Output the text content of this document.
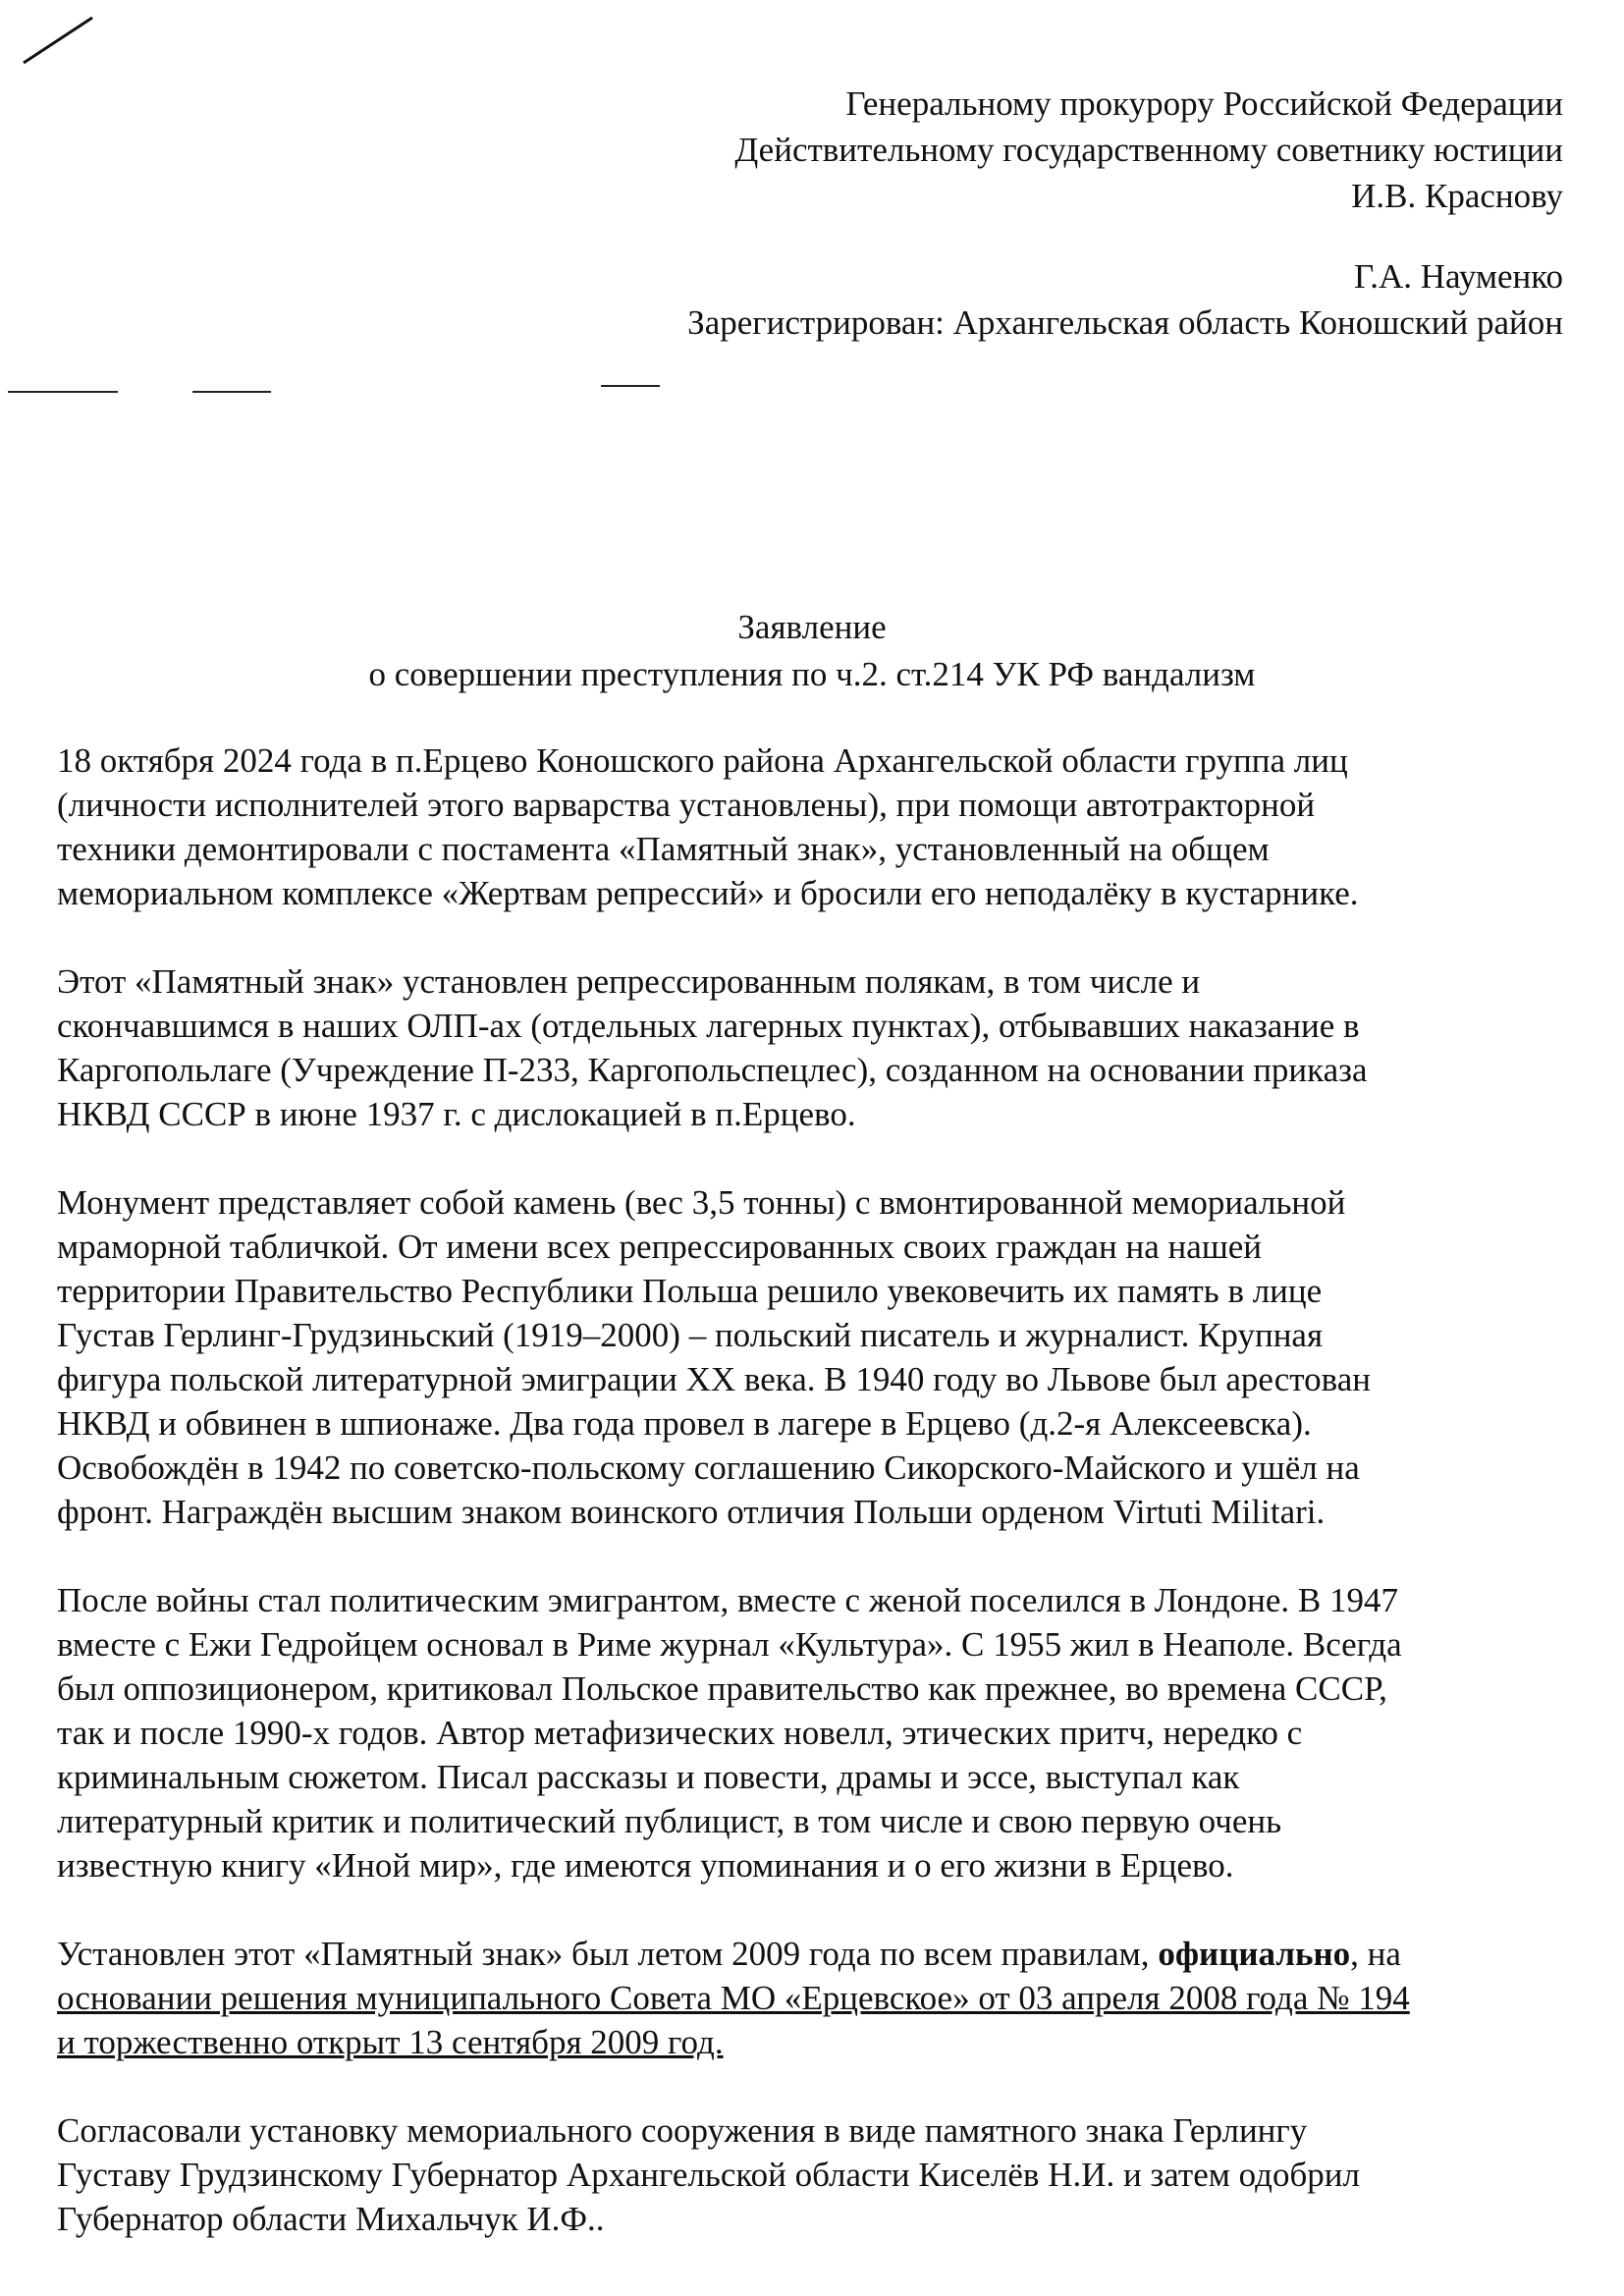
Генеральному прокурору Российской Федерации
Действительному государственному советнику юстиции
И.В. Краснову
Г.А. Науменко
Зарегистрирован: Архангельская область Коношский район
Заявление
о совершении преступления по ч.2. ст.214 УК РФ вандализм
18 октября 2024 года в п.Ерцево Коношского района Архангельской области группа лиц
(личности исполнителей этого варварства установлены), при помощи автотракторной
техники демонтировали с постамента «Памятный знак», установленный на общем
мемориальном комплексе «Жертвам репрессий» и бросили его неподалёку в кустарнике.
Этот «Памятный знак» установлен репрессированным полякам, в том числе и
скончавшимся в наших ОЛП-ах (отдельных лагерных пунктах), отбывавших наказание в
Каргопольлаге (Учреждение П-233, Каргопольспецлес), созданном на основании приказа
НКВД СССР в июне 1937 г. с дислокацией в п.Ерцево.
Монумент представляет собой камень (вес 3,5 тонны) с вмонтированной мемориальной
мраморной табличкой. От имени всех репрессированных своих граждан на нашей
территории Правительство Республики Польша решило увековечить их память в лице
Густав Герлинг-Грудзиньский (1919–2000) – польский писатель и журналист. Крупная
фигура польской литературной эмиграции XX века. В 1940 году во Львове был арестован
НКВД и обвинен в шпионаже. Два года провел в лагере в Ерцево (д.2-я Алексеевска).
Освобождён в 1942 по советско-польскому соглашению Сикорского-Майского и ушёл на
фронт. Награждён высшим знаком воинского отличия Польши орденом Virtuti Militari.
После войны стал политическим эмигрантом, вместе с женой поселился в Лондоне. В 1947
вместе с Ежи Гедройцем основал в Риме журнал «Культура». С 1955 жил в Неаполе. Всегда
был оппозиционером, критиковал Польское правительство как прежнее, во времена СССР,
так и после 1990-х годов. Автор метафизических новелл, этических притч, нередко с
криминальным сюжетом. Писал рассказы и повести, драмы и эссе, выступал как
литературный критик и политический публицист, в том числе и свою первую очень
известную книгу «Иной мир», где имеются упоминания и о его жизни в Ерцево.
Установлен этот «Памятный знак» был летом 2009 года по всем правилам, официально, на
основании решения муниципального Совета МО «Ерцевское» от 03 апреля 2008 года № 194
и торжественно открыт 13 сентября 2009 год.
Согласовали установку мемориального сооружения в виде памятного знака Герлингу
Густаву Грудзинскому Губернатор Архангельской области Киселёв Н.И. и затем одобрил
Губернатор области Михальчук И.Ф..
